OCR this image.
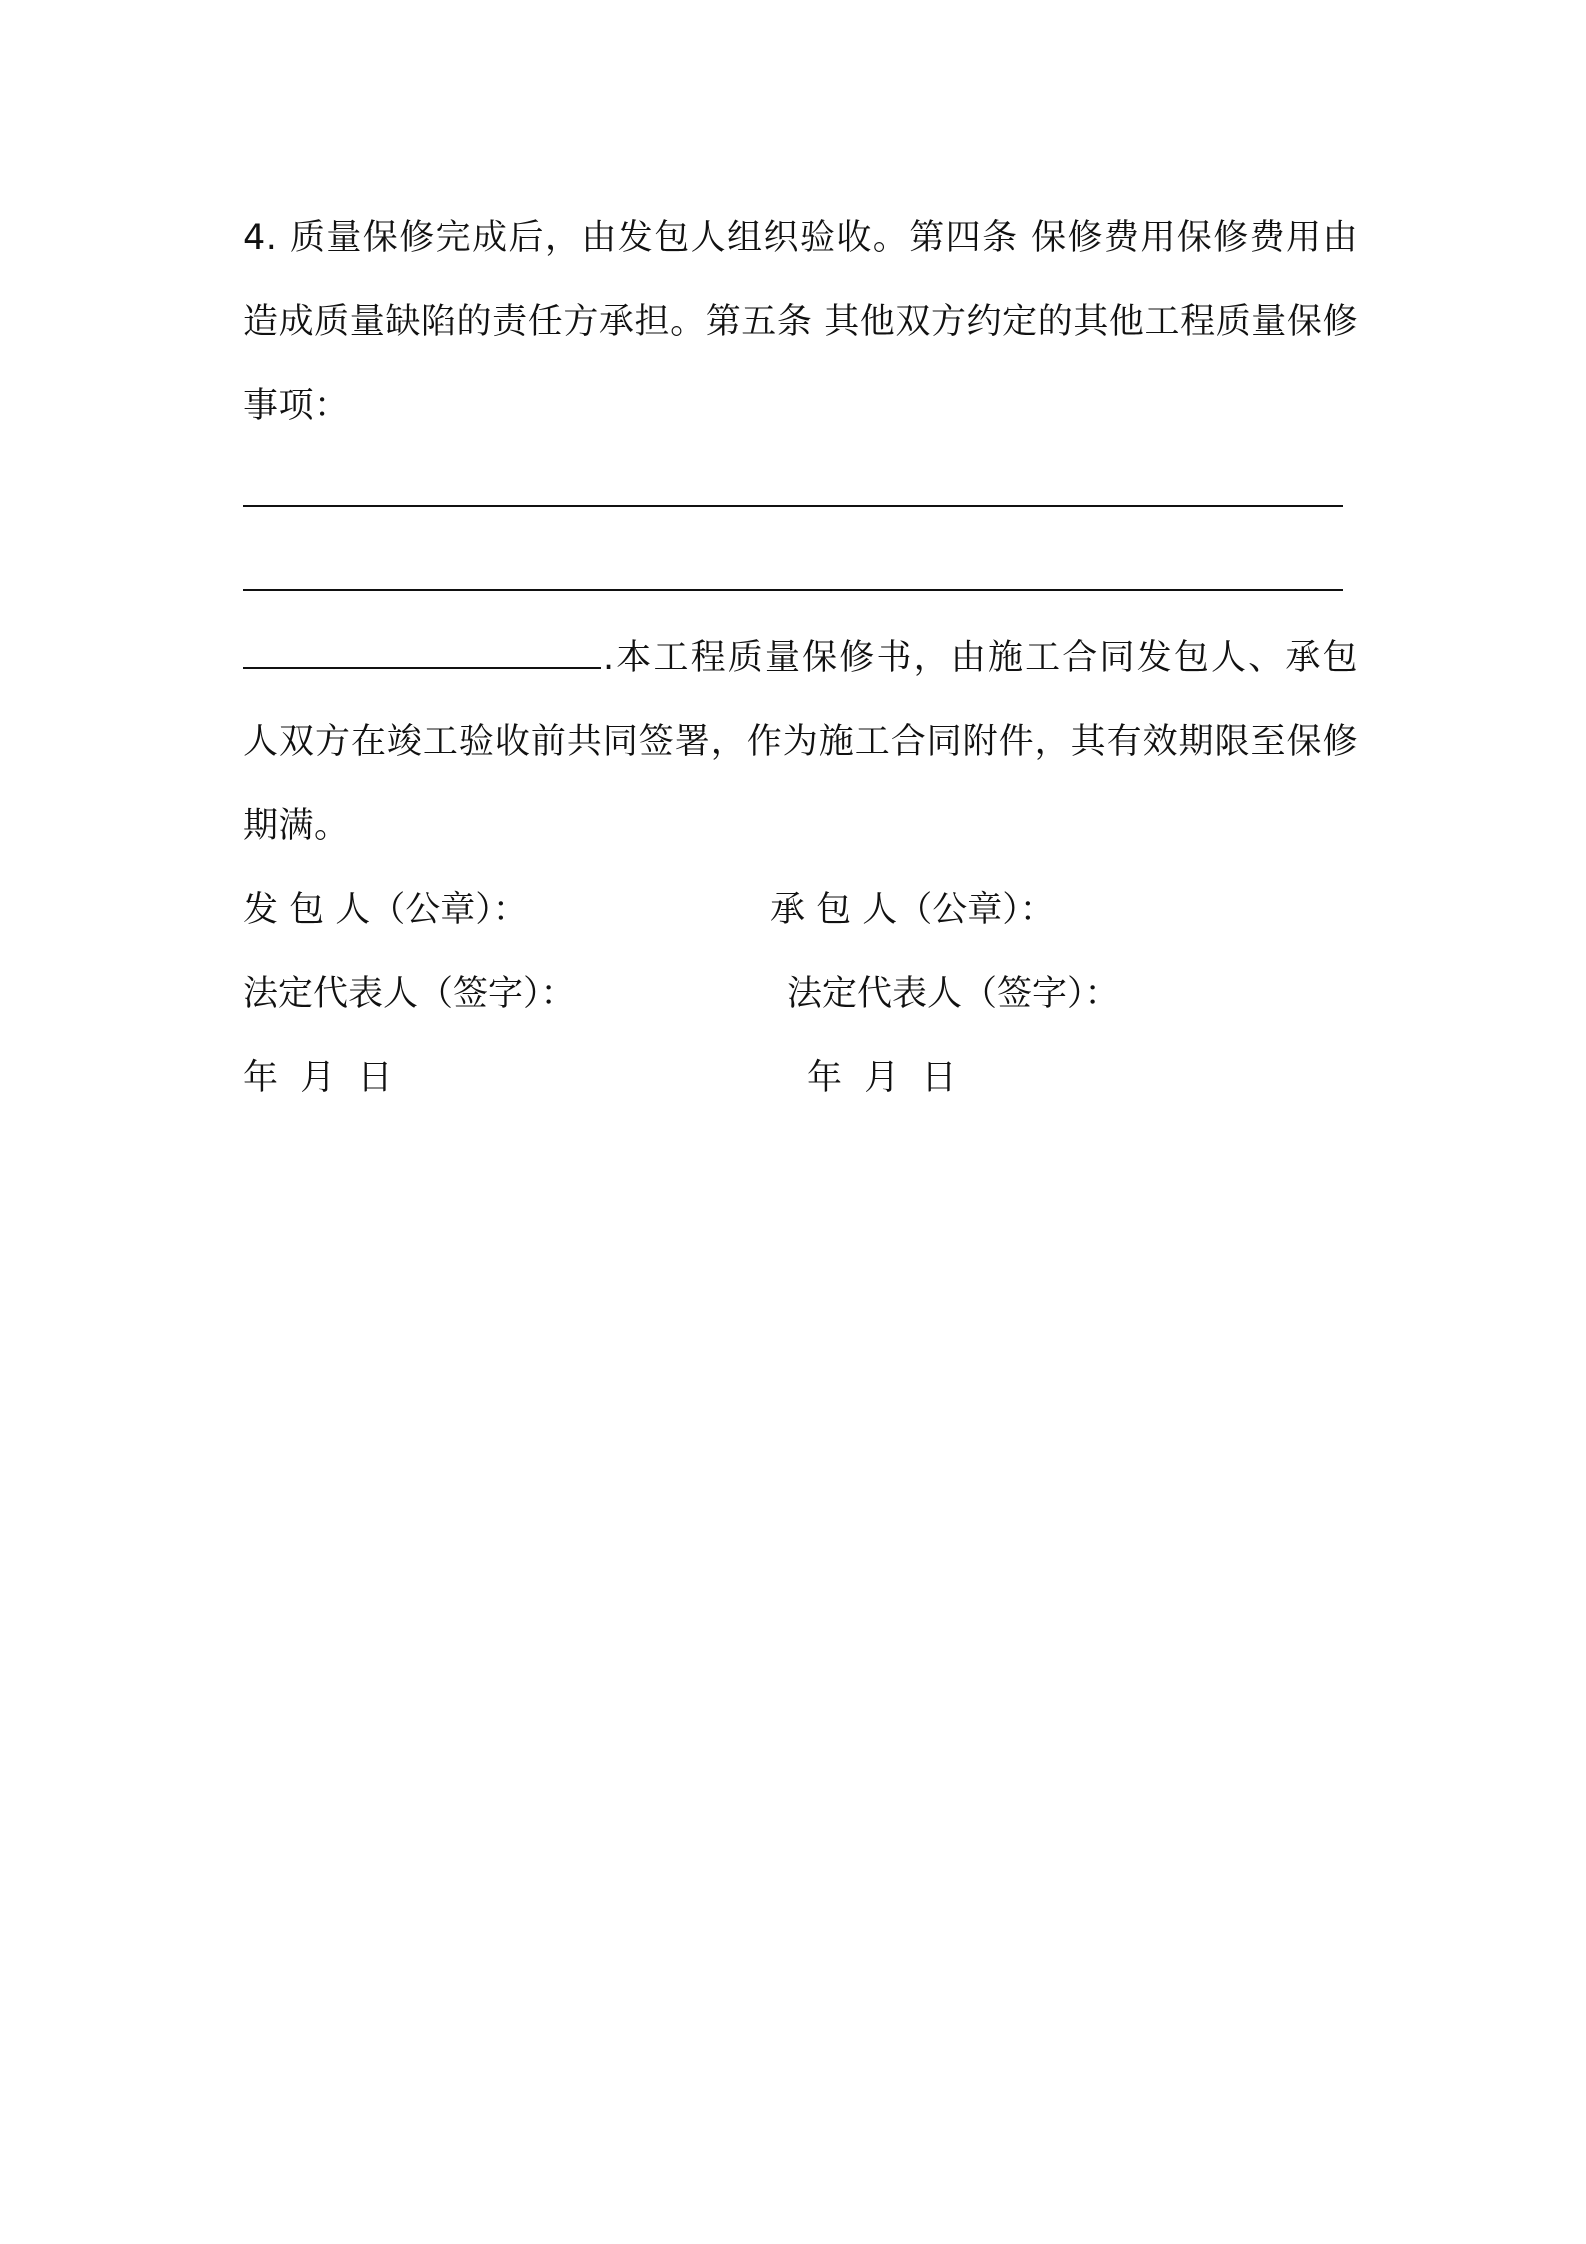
4. 质量保修完成后，由发包人组织验收。第四条 保修费用保修费用由造成质量缺陷的责任方承担。第五条 其他双方约定的其他工程质量保修事项：

.本工程质量保修书，由施工合同发包人、承包人双方在竣工验收前共同签署，作为施工合同附件，其有效期限至保修期满。

发 包 人（公章）：	承 包 人（公章）：
法定代表人（签字）：	法定代表人（签字）：
年  月  日	年  月  日
